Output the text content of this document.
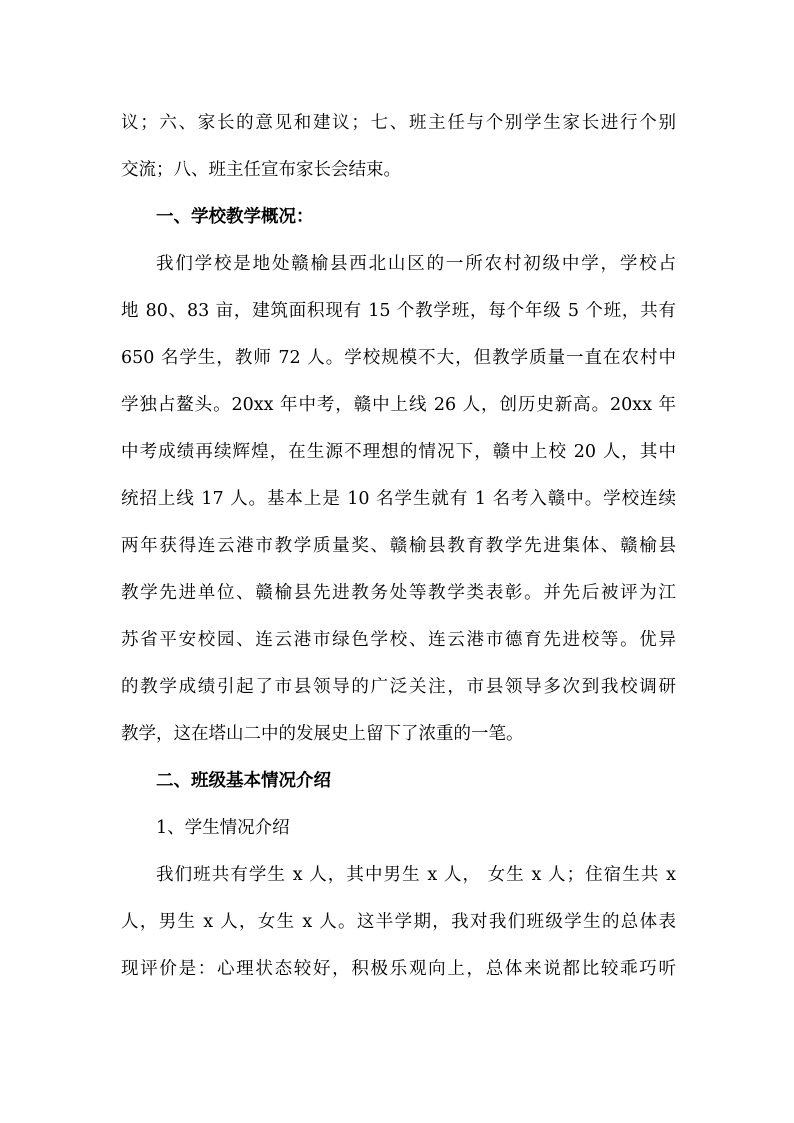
议；六、家长的意见和建议；七、班主任与个别学生家长进行个别
交流；八、班主任宣布家长会结束。

一、学校教学概况：

我们学校是地处赣榆县西北山区的一所农村初级中学，学校占
地 80、83 亩，建筑面积现有 15 个教学班，每个年级 5 个班，共有
650 名学生，教师 72 人。学校规模不大，但教学质量一直在农村中
学独占鳌头。20xx 年中考，赣中上线 26 人，创历史新高。20xx 年
中考成绩再续辉煌，在生源不理想的情况下，赣中上校 20 人，其中
统招上线 17 人。基本上是 10 名学生就有 1 名考入赣中。学校连续
两年获得连云港市教学质量奖、赣榆县教育教学先进集体、赣榆县
教学先进单位、赣榆县先进教务处等教学类表彰。并先后被评为江
苏省平安校园、连云港市绿色学校、连云港市德育先进校等。优异
的教学成绩引起了市县领导的广泛关注，市县领导多次到我校调研
教学，这在塔山二中的发展史上留下了浓重的一笔。

二、班级基本情况介绍

1、学生情况介绍

我们班共有学生 x 人，其中男生 x 人， 女生 x 人；住宿生共 x
人，男生 x 人，女生 x 人。这半学期，我对我们班级学生的总体表
现评价是：心理状态较好，积极乐观向上，总体来说都比较乖巧听
